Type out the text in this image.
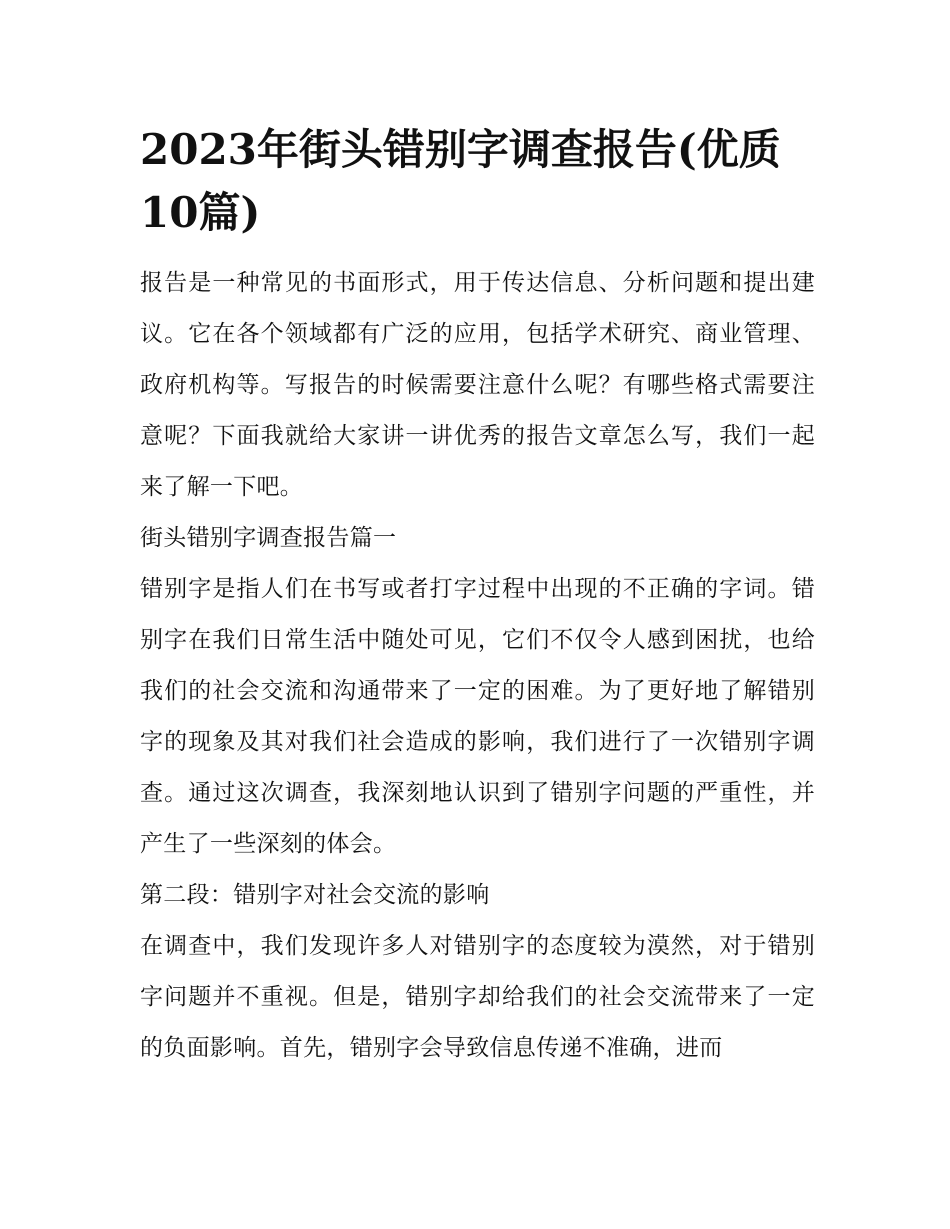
2023年街头错别字调查报告(优质10篇)

报告是一种常见的书面形式，用于传达信息、分析问题和提出建议。它在各个领域都有广泛的应用，包括学术研究、商业管理、政府机构等。写报告的时候需要注意什么呢？有哪些格式需要注意呢？下面我就给大家讲一讲优秀的报告文章怎么写，我们一起来了解一下吧。

街头错别字调查报告篇一

错别字是指人们在书写或者打字过程中出现的不正确的字词。错别字在我们日常生活中随处可见，它们不仅令人感到困扰，也给我们的社会交流和沟通带来了一定的困难。为了更好地了解错别字的现象及其对我们社会造成的影响，我们进行了一次错别字调查。通过这次调查，我深刻地认识到了错别字问题的严重性，并产生了一些深刻的体会。

第二段：错别字对社会交流的影响

在调查中，我们发现许多人对错别字的态度较为漠然，对于错别字问题并不重视。但是，错别字却给我们的社会交流带来了一定的负面影响。首先，错别字会导致信息传递不准确，进而
